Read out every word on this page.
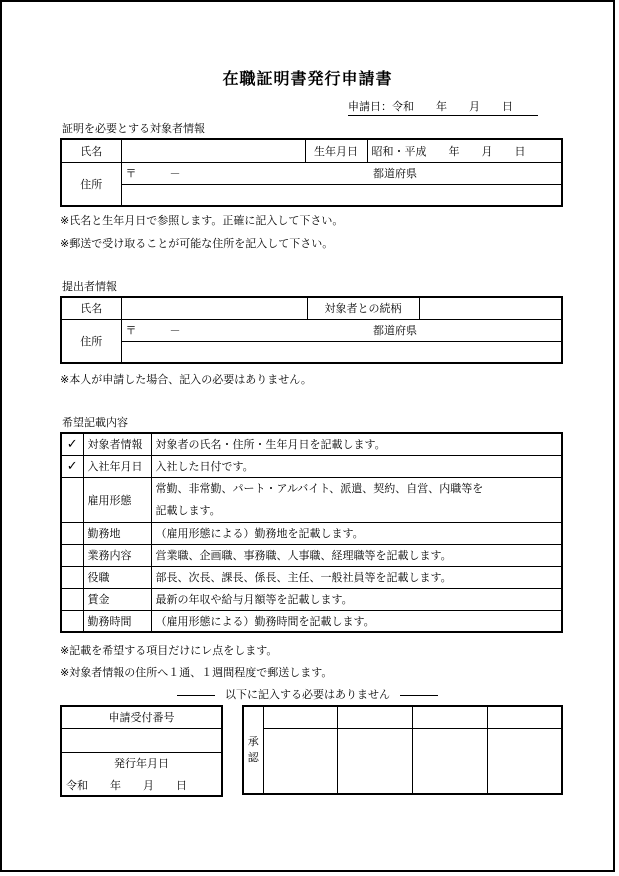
在職証明書発行申請書
申請日：令和　　年　　月　　日
証明を必要とする対象者情報
氏名		生年月日	昭和・平成　　年　　月　　日
住所	〒　　　－ 都道府県		

※氏名と生年月日で参照します。正確に記入して下さい。
※郵送で受け取ることが可能な住所を記入して下さい。
提出者情報
氏名		対象者との続柄	
住所	〒　　　－ 都道府県		

※本人が申請した場合、記入の必要はありません。
希望記載内容
✓	対象者情報	対象者の氏名・住所・生年月日を記載します。
✓	入社年月日	入社した日付です。
	雇用形態	常勤、非常勤、パート・アルバイト、派遣、契約、自営、内職等を
記載します。

	勤務地	（雇用形態による）勤務地を記載します。
	業務内容	営業職、企画職、事務職、人事職、経理職等を記載します。
	役職	部長、次長、課長、係長、主任、一般社員等を記載します。
	賃金	最新の年収や給与月額等を記載します。
	勤務時間	（雇用形態による）勤務時間を記載します。
※記載を希望する項目だけにレ点をします。
※対象者情報の住所へ１通、１週間程度で郵送します。
以下に記入する必要はありません
申請受付番号

発行年月日
令和　　年　　月　　日
承認				
